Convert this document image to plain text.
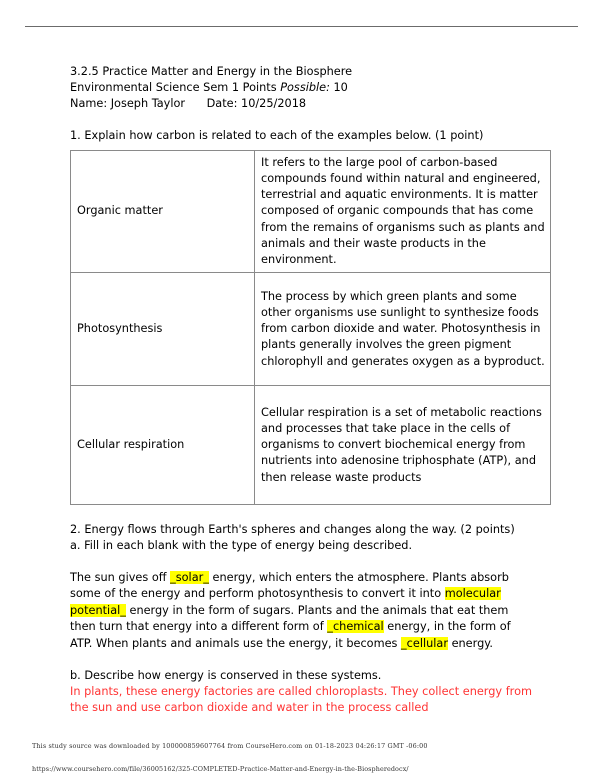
3.2.5 Practice Matter and Energy in the Biosphere
Environmental Science Sem 1 Points Possible: 10
Name: Joseph Taylor      Date: 10/25/2018
1. Explain how carbon is related to each of the examples below. (1 point)
Organic matter	It refers to the large pool of carbon-based compounds found within natural and engineered, terrestrial and aquatic environments. It is matter composed of organic compounds that has come from the remains of organisms such as plants and animals and their waste products in the environment.
Photosynthesis	The process by which green plants and some other organisms use sunlight to synthesize foods from carbon dioxide and water. Photosynthesis in plants generally involves the green pigment chlorophyll and generates oxygen as a byproduct.
Cellular respiration	Cellular respiration is a set of metabolic reactions and processes that take place in the cells of organisms to convert biochemical energy from nutrients into adenosine triphosphate (ATP), and then release waste products
2. Energy flows through Earth's spheres and changes along the way. (2 points)
a. Fill in each blank with the type of energy being described.
The sun gives off _solar_ energy, which enters the atmosphere. Plants absorb some of the energy and perform photosynthesis to convert it into molecular potential_ energy in the form of sugars. Plants and the animals that eat them then turn that energy into a different form of _chemical energy, in the form of ATP. When plants and animals use the energy, it becomes _cellular energy.
b. Describe how energy is conserved in these systems.
In plants, these energy factories are called chloroplasts. They collect energy from the sun and use carbon dioxide and water in the process called
This study source was downloaded by 100000859607764 from CourseHero.com on 01-18-2023 04:26:17 GMT -06:00
https://www.coursehero.com/file/36005162/325-COMPLETED-Practice-Matter-and-Energy-in-the-Biospheredocx/
